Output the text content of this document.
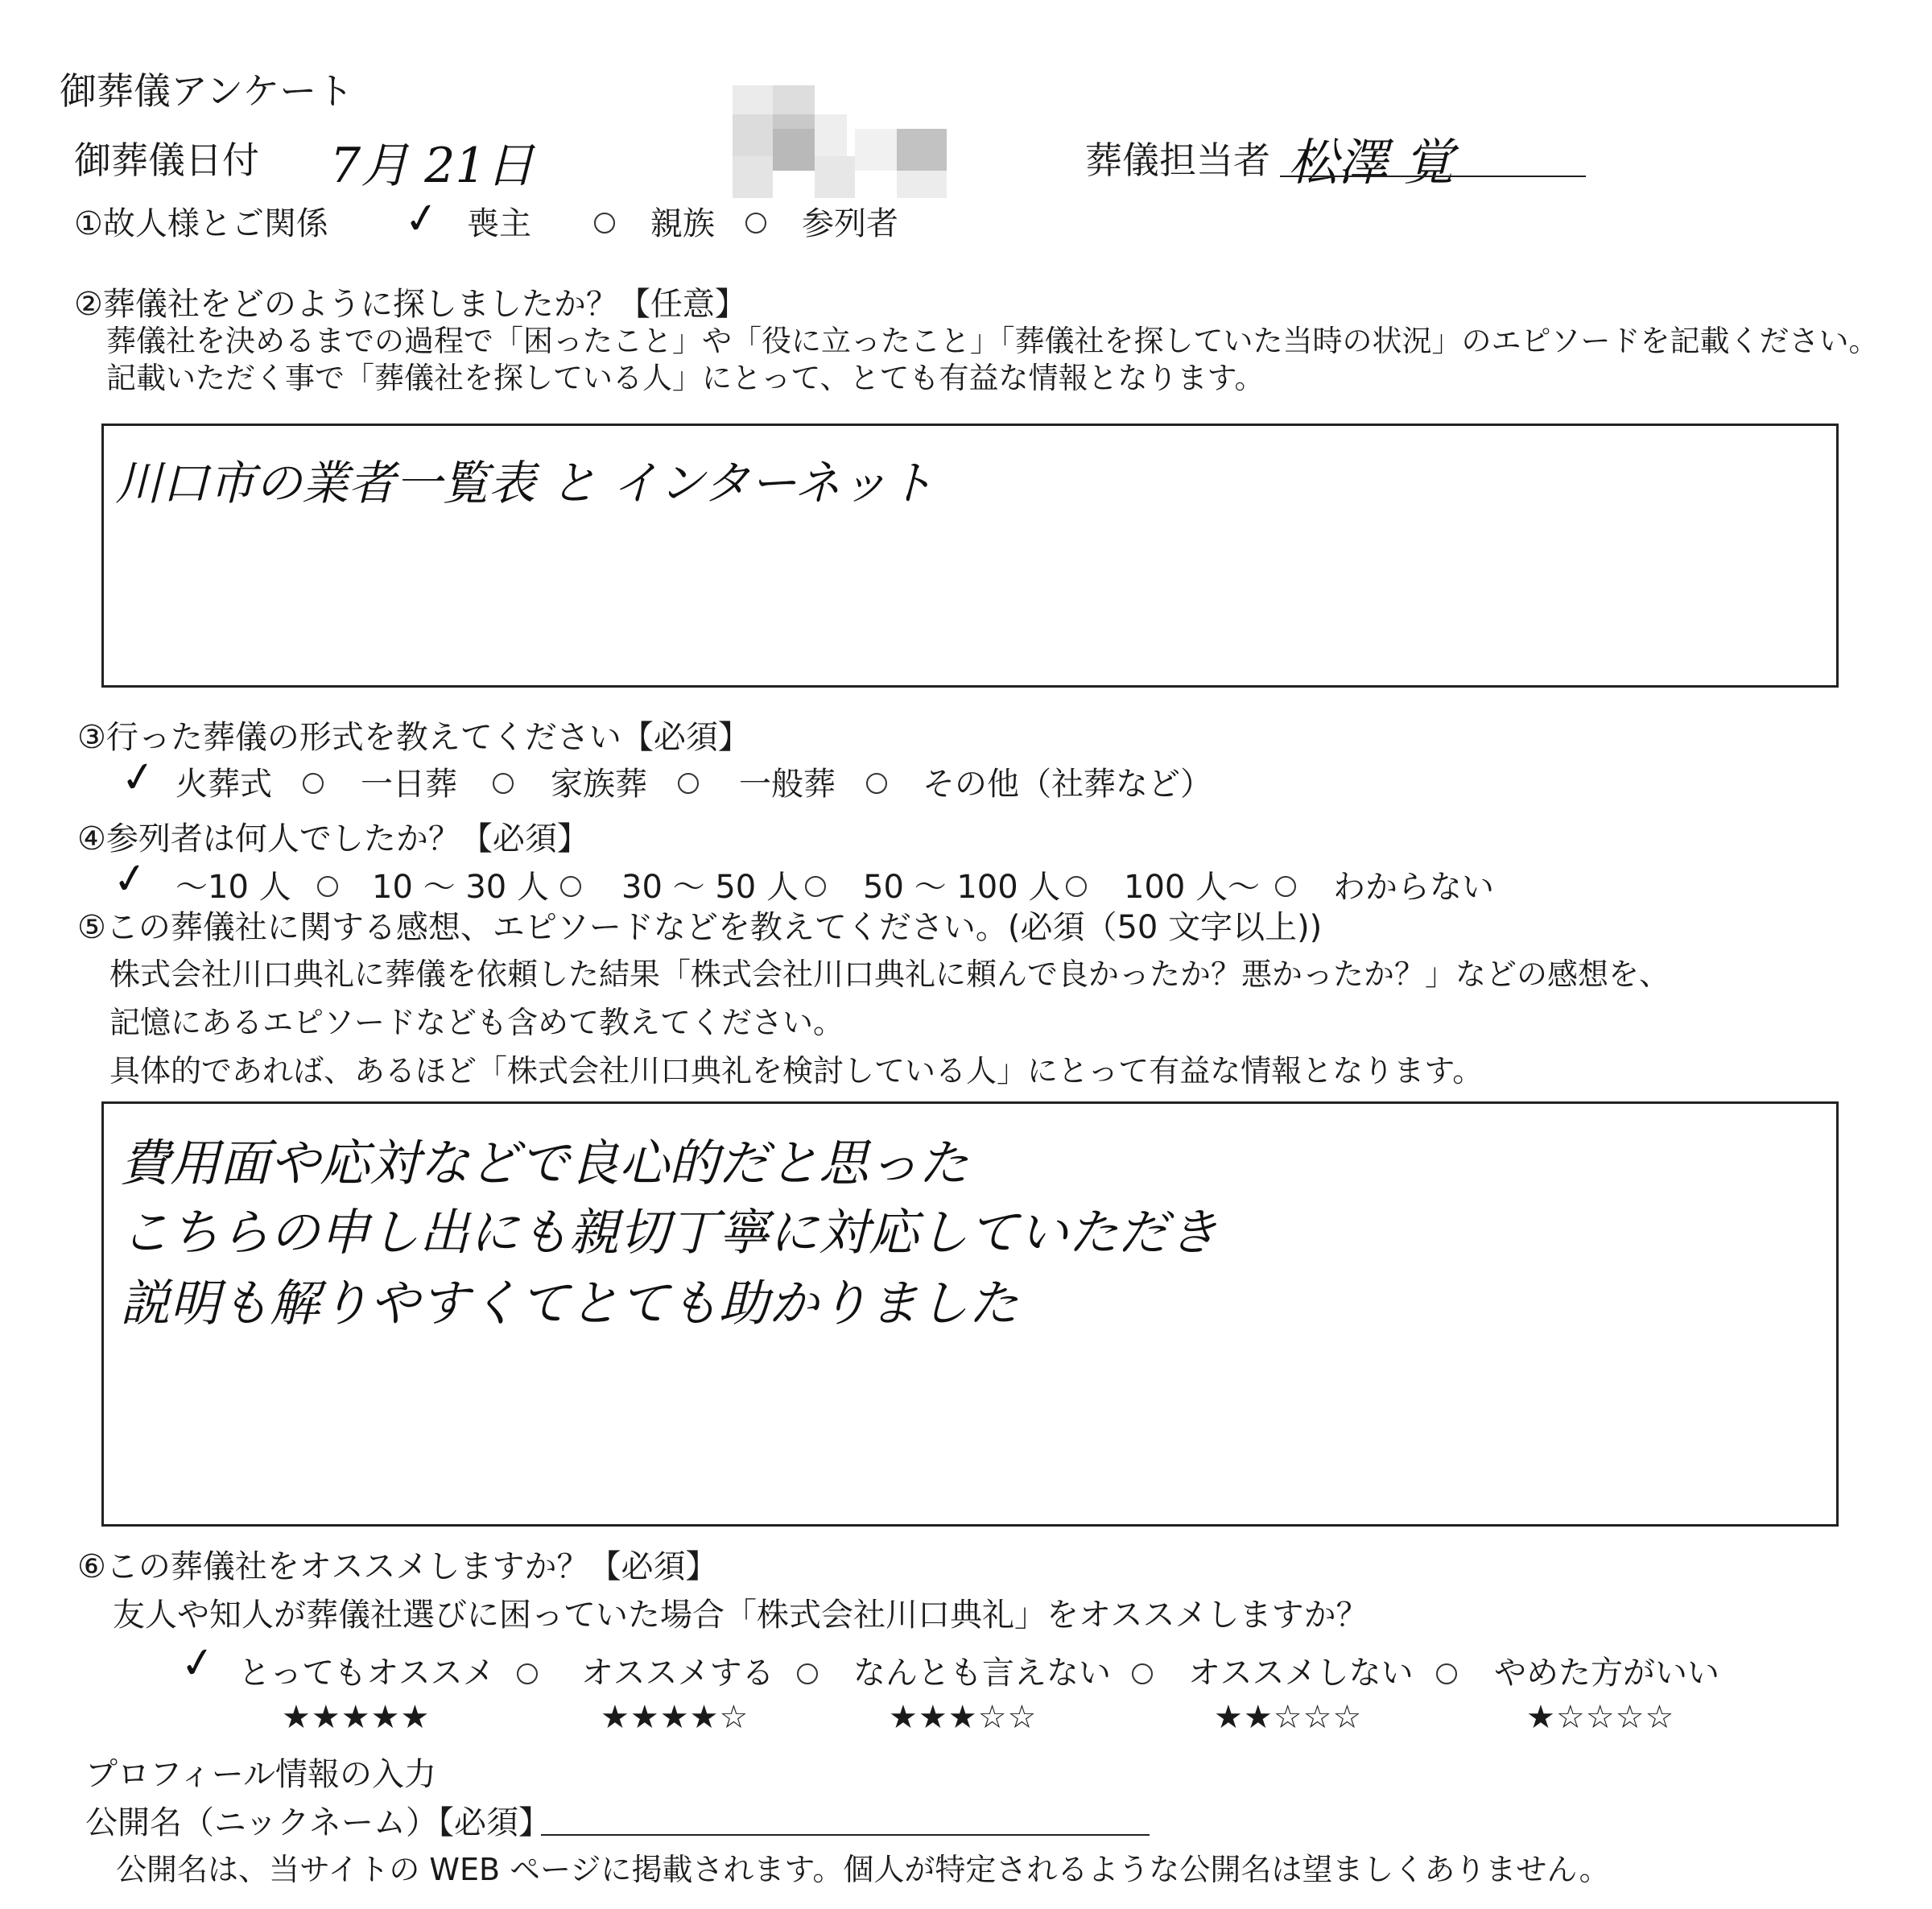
御葬儀アンケート
御葬儀日付 7月 21日	葬儀担当者 松澤 覚
①故人様とご関係 ✓ 喪主	親族	参列者
②葬儀社をどのように探しましたか？【任意】
葬儀社を決めるまでの過程で「困ったこと」や「役に立ったこと」「葬儀社を探していた当時の状況」のエピソードを記載ください。
記載いただく事で「葬儀社を探している人」にとって、とても有益な情報となります。
川口市の業者一覧表 と インターネット
③行った葬儀の形式を教えてください【必須】
✓ 火葬式	一日葬	家族葬	一般葬	その他（社葬など）
④参列者は何人でしたか？【必須】
✓ ～10 人	10 ～ 30 人 30 ～ 50 人 50 ～ 100 人 100 人～ わからない
⑤この葬儀社に関する感想、エピソードなどを教えてください。(必須（50 文字以上))
株式会社川口典礼に葬儀を依頼した結果「株式会社川口典礼に頼んで良かったか？悪かったか？」などの感想を、
記憶にあるエピソードなども含めて教えてください。
具体的であれば、あるほど「株式会社川口典礼を検討している人」にとって有益な情報となります。
費用面や応対などで良心的だと思った
こちらの申し出にも親切丁寧に対応していただき
説明も解りやすくてとても助かりました
⑥この葬儀社をオススメしますか？【必須】
友人や知人が葬儀社選びに困っていた場合「株式会社川口典礼」をオススメしますか？
✓ とってもオススメ
★★★★★
オススメする
★★★★☆
なんとも言えない
★★★☆☆
オススメしない
★★☆☆☆
やめた方がいい
★☆☆☆☆
プロフィール情報の入力
公開名（ニックネーム）【必須】
公開名は、当サイトの WEB ページに掲載されます。個人が特定されるような公開名は望ましくありません。
